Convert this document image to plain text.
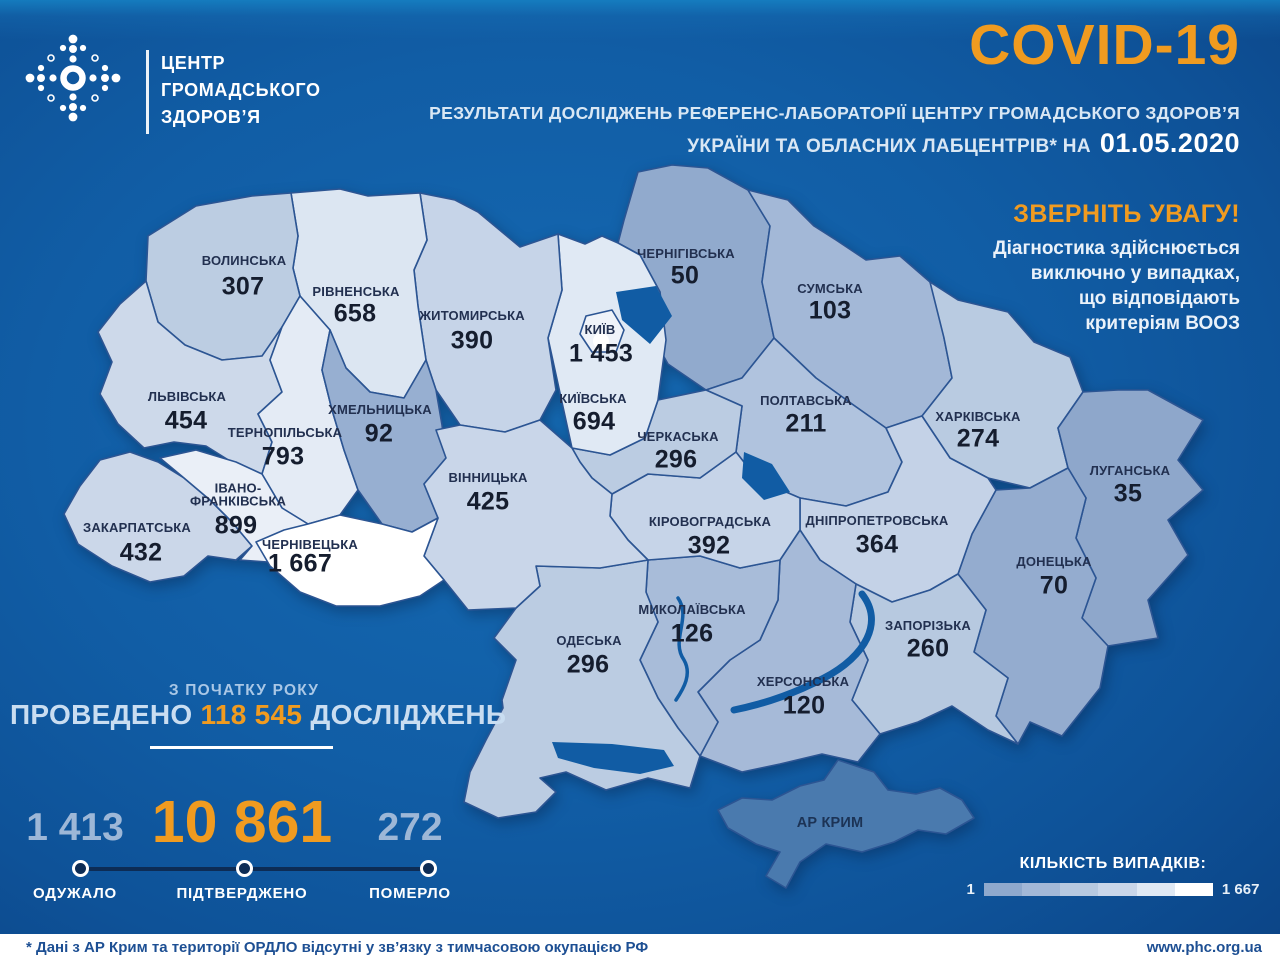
ЦЕНТР
ГРОМАДСЬКОГО
ЗДОРОВ’Я
COVID-19
РЕЗУЛЬТАТИ ДОСЛІДЖЕНЬ РЕФЕРЕНС-ЛАБОРАТОРІЇ ЦЕНТРУ ГРОМАДСЬКОГО ЗДОРОВ’Я
УКРАЇНИ ТА ОБЛАСНИХ ЛАБЦЕНТРІВ* НА 01.05.2020
ЗВЕРНІТЬ УВАГУ!
Діагностика здійснюється
виключно у випадках,
що відповідають
критеріям ВООЗ
ЧЕРНІГІВСЬКА
50	СУМСЬКА
103
ПОЛТАВСЬКА
211	ХАРКІВСЬКА
274
ЛУГАНСЬКА
35
ДОНЕЦЬКА
70
ДНІПРОПЕТРОВСЬКА
364
ЗАПОРІЗЬКА
260
ХЕРСОНСЬКА
120
МИКОЛАЇВСЬКА
126
ОДЕСЬКА
296
КІРОВОГРАДСЬКА
392
ЧЕРКАСЬКА
296
КИЇВСЬКА
694
ЖИТОМИРСЬКА
390
РІВНЕНСЬКА
658
ВОЛИНСЬКА
307
ЛЬВІВСЬКА
454 ТЕРНОПІЛЬСЬКА
793
ХМЕЛЬНИЦЬКА
92
ВІННИЦЬКА
425
ЗАКАРПАТСЬКА
432
ІВАНО-
ФРАНКІВСЬКА
899
ЧЕРНІВЕЦЬКА
1 667
КИЇВ
1 453
АР КРИМ
З ПОЧАТКУ РОКУ
ПРОВЕДЕНО 118 545 ДОСЛІДЖЕНЬ
1 413 10 861	272
ОДУЖАЛО	ПІДТВЕРДЖЕНО	ПОМЕРЛО
КІЛЬКІСТЬ ВИПАДКІВ:
1	1 667
* Дані з АР Крим та території ОРДЛО відсутні у зв’язку з тимчасовою окупацією РФ	www.phc.org.ua
